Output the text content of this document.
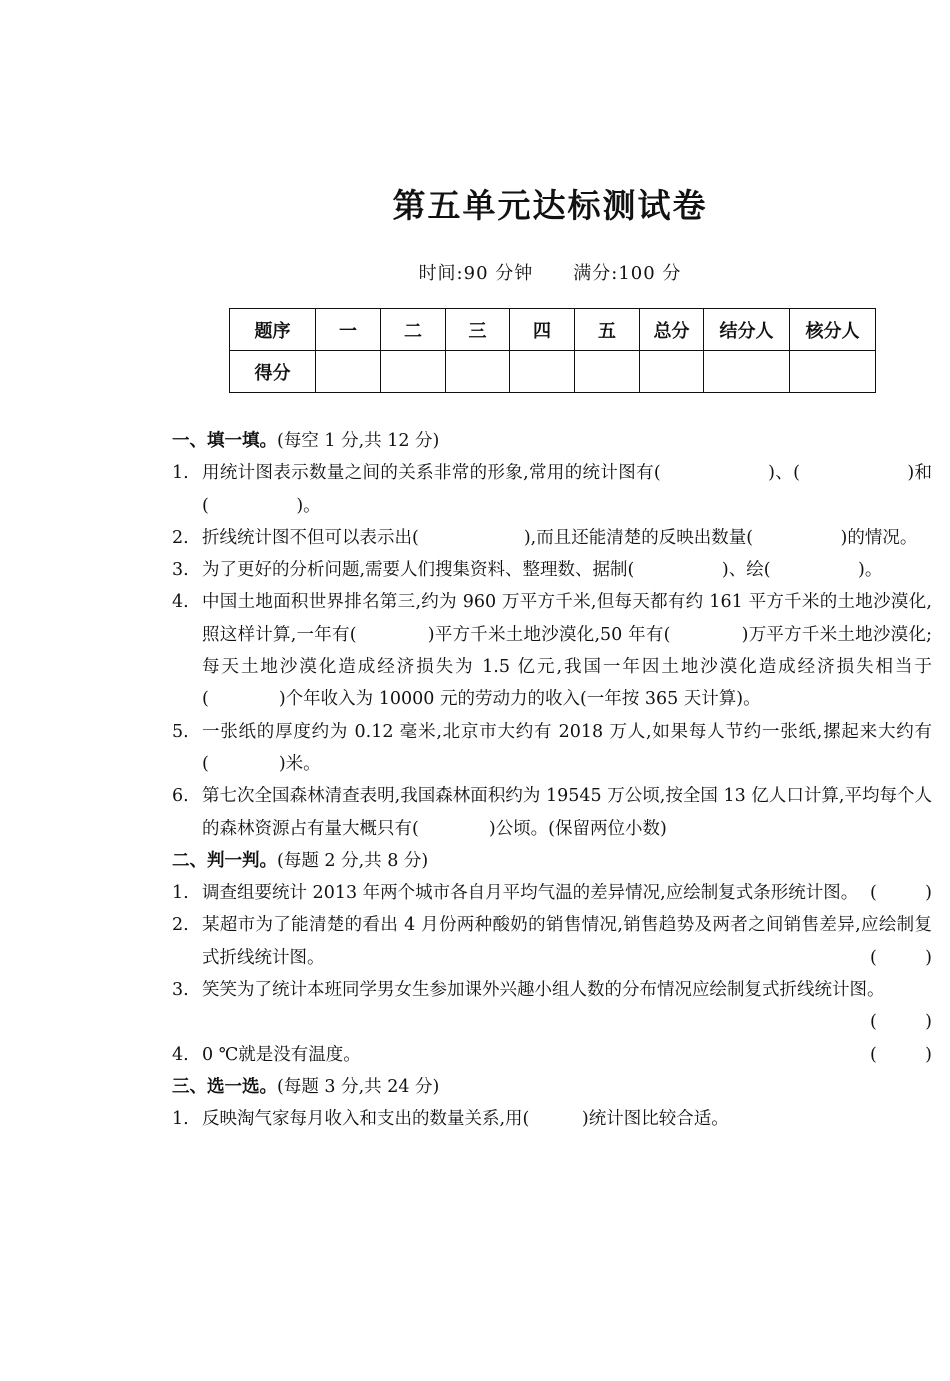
第五单元达标测试卷
时间:90 分钟 满分:100 分
题序	一	二	三	四	五	总分	结分人	核分人
得分								
一、填一填。(每空 1 分,共 12 分)
1. 用统计图表示数量之间的关系非常的形象,常用的统计图有(　　　　　　)、(　　　　　　)和(　　　　　)。
2. 折线统计图不但可以表示出(　　　　　　),而且还能清楚的反映出数量(　　　　　)的情况。
3. 为了更好的分析问题,需要人们搜集资料、整理数、据制(　　　　　)、绘(　　　　　)。
4. 中国土地面积世界排名第三,约为 960 万平方千米,但每天都有约 161 平方千米的土地沙漠化,照这样计算,一年有(　　　　)平方千米土地沙漠化,50 年有(　　　　)万平方千米土地沙漠化;每天土地沙漠化造成经济损失为 1.5 亿元,我国一年因土地沙漠化造成经济损失相当于(　　　　)个年收入为 10000 元的劳动力的收入(一年按 365 天计算)。
5. 一张纸的厚度约为 0.12 毫米,北京市大约有 2018 万人,如果每人节约一张纸,摞起来大约有(　　　　)米。
6. 第七次全国森林清查表明,我国森林面积约为 19545 万公顷,按全国 13 亿人口计算,平均每个人的森林资源占有量大概只有(　　　　)公顷。(保留两位小数)
二、判一判。(每题 2 分,共 8 分)
1. 调查组要统计 2013 年两个城市各自月平均气温的差异情况,应绘制复式条形统计图。 (	)
2. 某超市为了能清楚的看出 4 月份两种酸奶的销售情况,销售趋势及两者之间销售差异,应绘制复式折线统计图。	(	)
3. 笑笑为了统计本班同学男女生参加课外兴趣小组人数的分布情况应绘制复式折线统计图。
(	)
4. 0 ℃就是没有温度。	(	)
三、选一选。(每题 3 分,共 24 分)
1. 反映淘气家每月收入和支出的数量关系,用(　　　)统计图比较合适。
